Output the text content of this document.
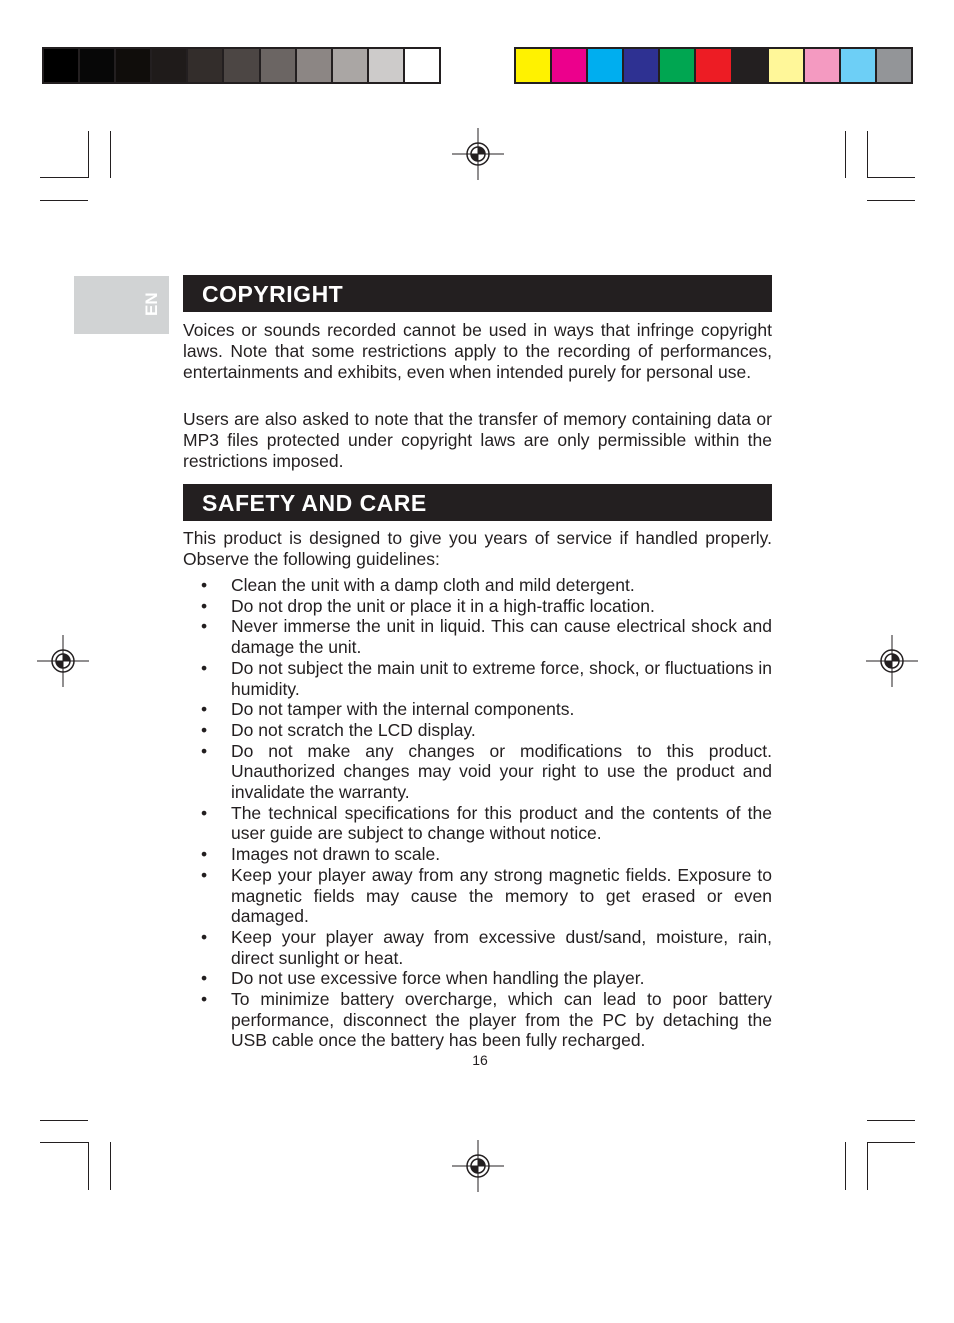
EN	COPYRIGHT
Voices or sounds recorded cannot be used in ways that infringe copyright laws. Note that some restrictions apply to the recording of performances, entertainments and exhibits, even when intended purely for personal use.
Users are also asked to note that the transfer of memory containing data or MP3 files protected under copyright laws are only permissible within the restrictions imposed.
SAFETY AND CARE
This product is designed to give you years of service if handled properly. Observe the following guidelines:
• Clean the unit with a damp cloth and mild detergent.
• Do not drop the unit or place it in a high-traffic location.
• Never immerse the unit in liquid. This can cause electrical shock and damage the unit.
• Do not subject the main unit to extreme force, shock, or fluctuations in humidity.
• Do not tamper with the internal components.
• Do not scratch the LCD display.
• Do not make any changes or modifications to this product. Unauthorized changes may void your right to use the product and invalidate the warranty.
• The technical specifications for this product and the contents of the user guide are subject to change without notice.
• Images not drawn to scale.
• Keep your player away from any strong magnetic fields. Exposure to magnetic fields may cause the memory to get erased or even damaged.
• Keep your player away from excessive dust/sand, moisture, rain, direct sunlight or heat.
• Do not use excessive force when handling the player.
• To minimize battery overcharge, which can lead to poor battery performance, disconnect the player from the PC by detaching the USB cable once the battery has been fully recharged.
16
